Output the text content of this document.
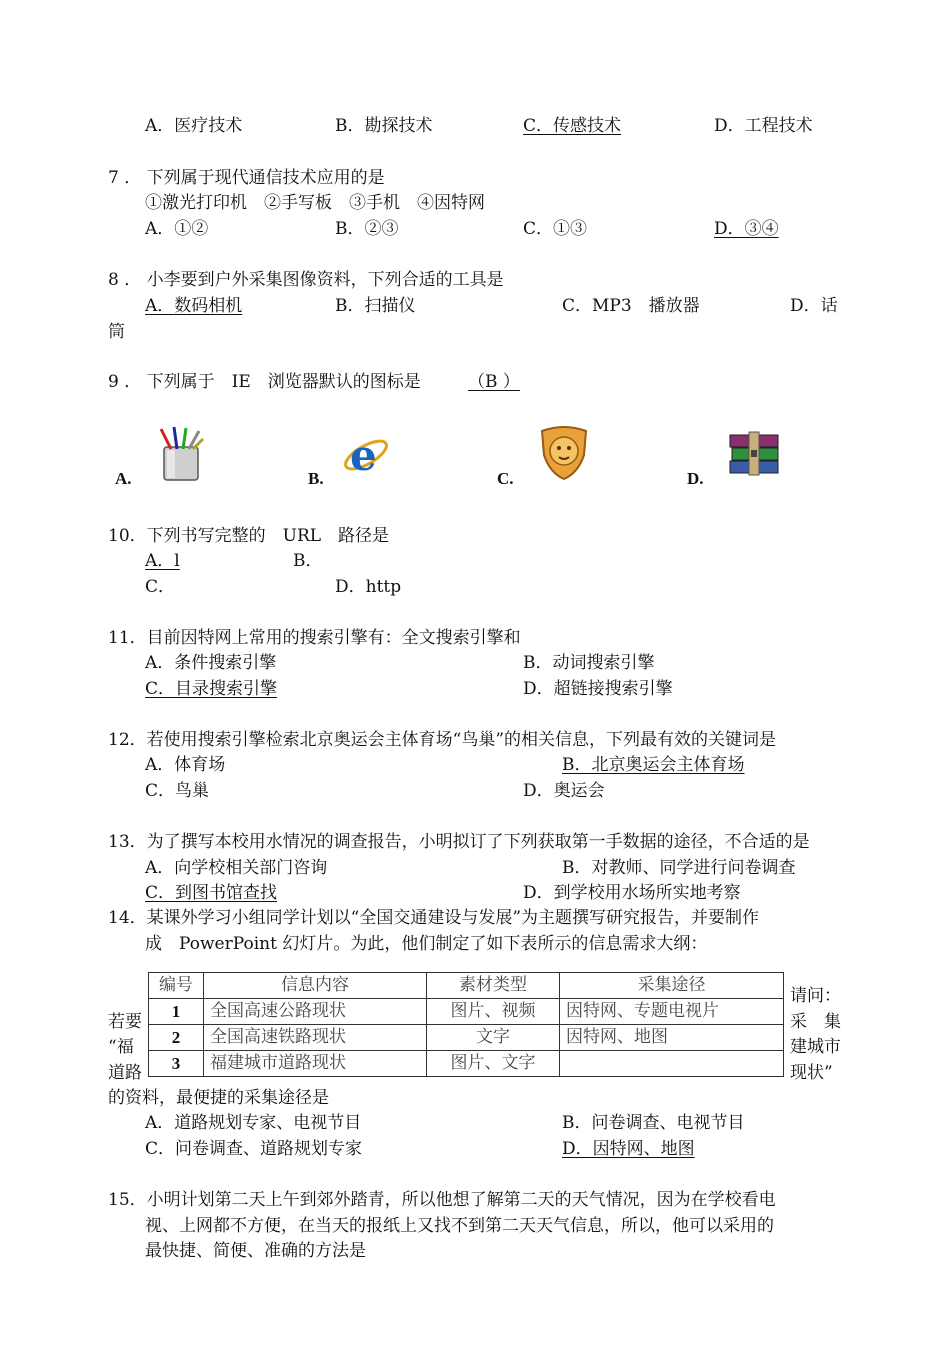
A．医疗技术	B．勘探技术	C．传感技术	D．工程技术
7 ． 下列属于现代通信技术应用的是
①激光打印机　②手写板　③手机　④因特网
A．①②	B．②③	C．①③	D．③④
8 ． 小李要到户外采集图像资料，下列合适的工具是
A．数码相机	B．扫描仪	C．MP3　播放器	D．话
筒
9 ． 下列属于　IE　浏览器默认的图标是	（B ）
A.	B. e	C.	D.
10．下列书写完整的　URL　路径是
A．l	B．
C．	D．http
11．目前因特网上常用的搜索引擎有：全文搜索引擎和
A．条件搜索引擎	B．动词搜索引擎
C．目录搜索引擎	D．超链接搜索引擎
12．若使用搜索引擎检索北京奥运会主体育场“鸟巢”的相关信息，下列最有效的关键词是
A．体育场	B．北京奥运会主体育场
C．鸟巢	D．奥运会
13．为了撰写本校用水情况的调查报告，小明拟订了下列获取第一手数据的途径，不合适的是
A．向学校相关部门咨询	B．对教师、同学进行问卷调查
C．到图书馆查找	D．到学校用水场所实地考察
14．某课外学习小组同学计划以“全国交通建设与发展”为主题撰写研究报告，并要制作
成　PowerPoint 幻灯片。为此，他们制定了如下表所示的信息需求大纲：
编号	信息内容	素材类型	采集途径
1	全国高速公路现状	图片、视频	因特网、专题电视片
2	全国高速铁路现状	文字	因特网、地图
3	福建城市道路现状	图片、文字	
若要
“福
道路
请问：
采　集
建城市
现状”
的资料，最便捷的采集途径是
A．道路规划专家、电视节目	B．问卷调查、电视节目
C．问卷调查、道路规划专家	D．因特网、地图
15．小明计划第二天上午到郊外踏青，所以他想了解第二天的天气情况，因为在学校看电
视、上网都不方便，在当天的报纸上又找不到第二天天气信息，所以，他可以采用的
最快捷、简便、准确的方法是
